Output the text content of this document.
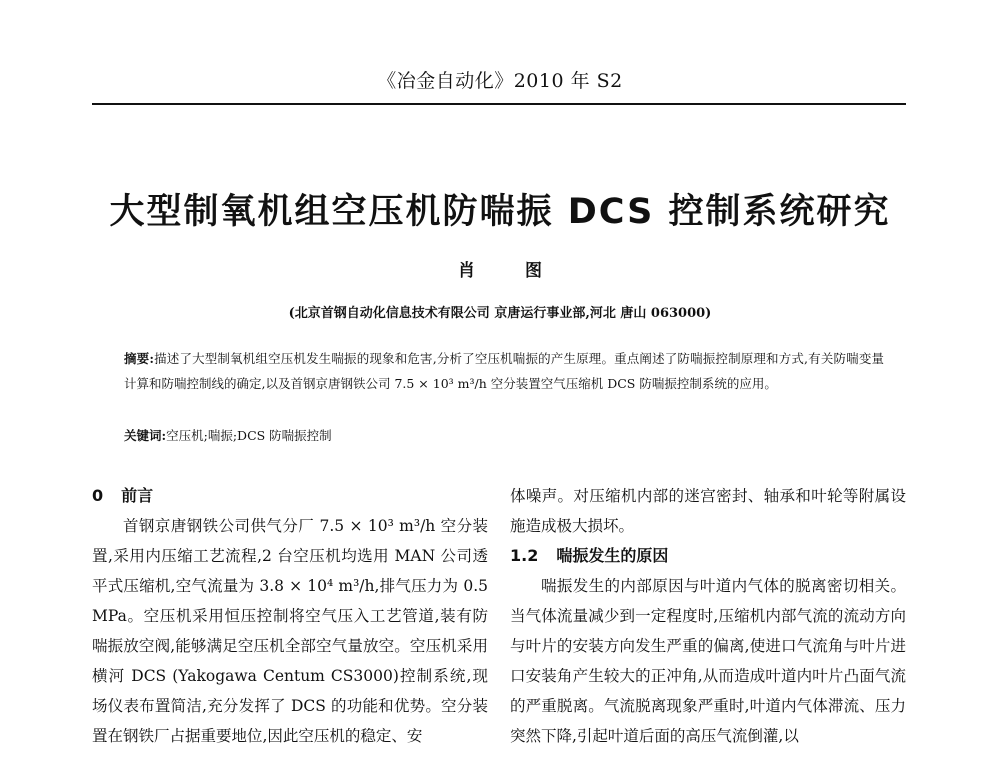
《冶金自动化》2010 年 S2
大型制氧机组空压机防喘振 DCS 控制系统研究
肖 图
(北京首钢自动化信息技术有限公司 京唐运行事业部,河北 唐山 063000)
摘要:描述了大型制氧机组空压机发生喘振的现象和危害,分析了空压机喘振的产生原理。重点阐述了防喘振控制原理和方式,有关防喘变量计算和防喘控制线的确定,以及首钢京唐钢铁公司 7.5 × 10³ m³/h 空分装置空气压缩机 DCS 防喘振控制系统的应用。
关键词:空压机;喘振;DCS 防喘振控制
0 前言

首钢京唐钢铁公司供气分厂 7.5 × 10³ m³/h 空分装置,采用内压缩工艺流程,2 台空压机均选用 MAN 公司透平式压缩机,空气流量为 3.8 × 10⁴ m³/h,排气压力为 0.5 MPa。空压机采用恒压控制将空气压入工艺管道,装有防喘振放空阀,能够满足空压机全部空气量放空。空压机采用横河 DCS (Yakogawa Centum CS3000)控制系统,现场仪表布置简洁,充分发挥了 DCS 的功能和优势。空分装置在钢铁厂占据重要地位,因此空压机的稳定、安

体噪声。对压缩机内部的迷宫密封、轴承和叶轮等附属设施造成极大损坏。

1.2 喘振发生的原因

喘振发生的内部原因与叶道内气体的脱离密切相关。当气体流量减少到一定程度时,压缩机内部气流的流动方向与叶片的安装方向发生严重的偏离,使进口气流角与叶片进口安装角产生较大的正冲角,从而造成叶道内叶片凸面气流的严重脱离。气流脱离现象严重时,叶道内气体滞流、压力突然下降,引起叶道后面的高压气流倒灌,以
